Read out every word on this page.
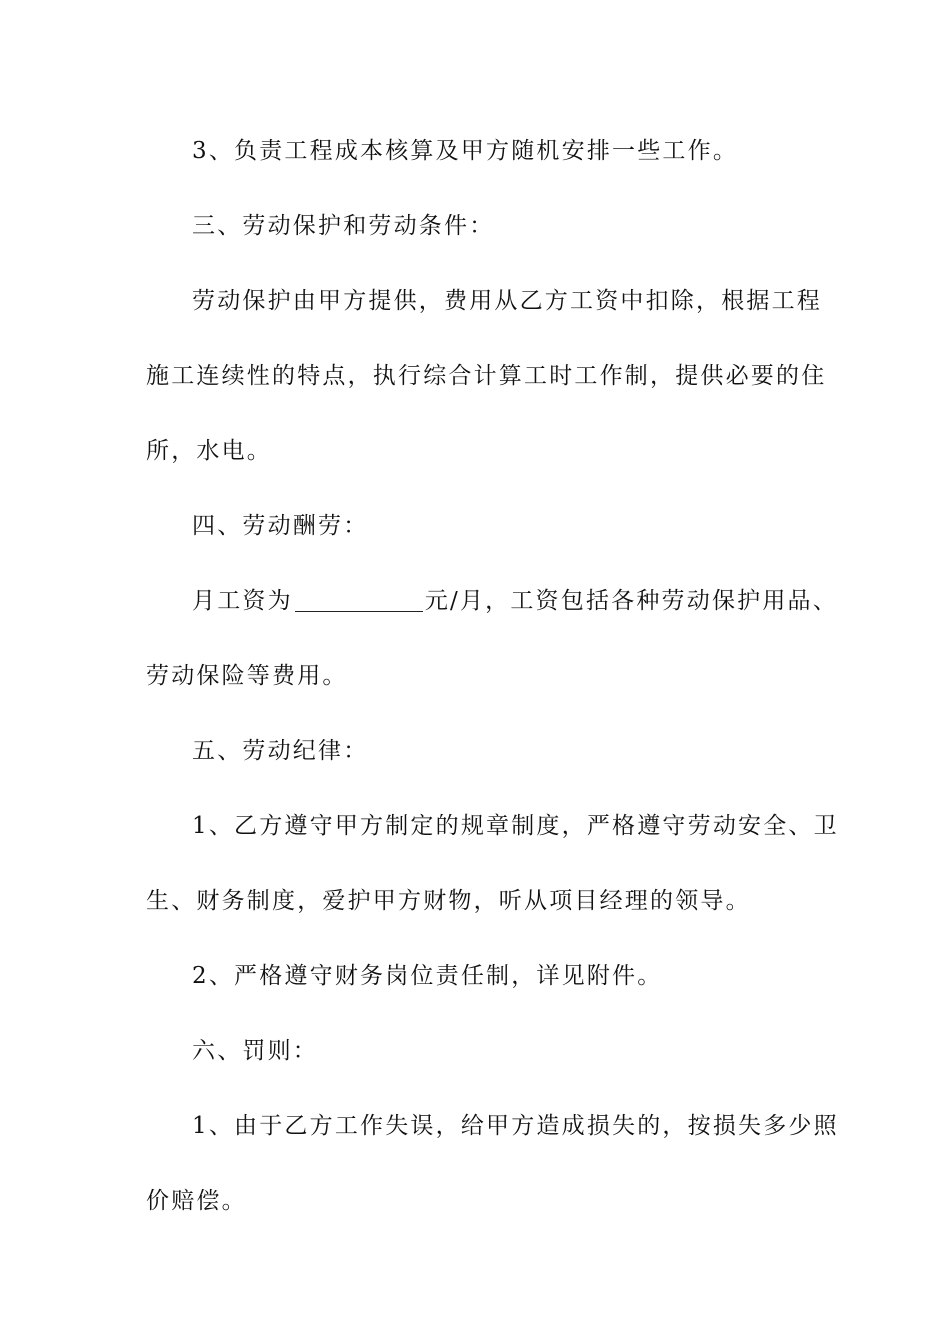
3、负责工程成本核算及甲方随机安排一些工作。
三、劳动保护和劳动条件：
劳动保护由甲方提供，费用从乙方工资中扣除，根据工程
施工连续性的特点，执行综合计算工时工作制，提供必要的住
所，水电。
四、劳动酬劳：
月工资为	元/月，工资包括各种劳动保护用品、
劳动保险等费用。
五、劳动纪律：
1、乙方遵守甲方制定的规章制度，严格遵守劳动安全、卫
生、财务制度，爱护甲方财物，听从项目经理的领导。
2、严格遵守财务岗位责任制，详见附件。
六、罚则：
1、由于乙方工作失误，给甲方造成损失的，按损失多少照
价赔偿。
